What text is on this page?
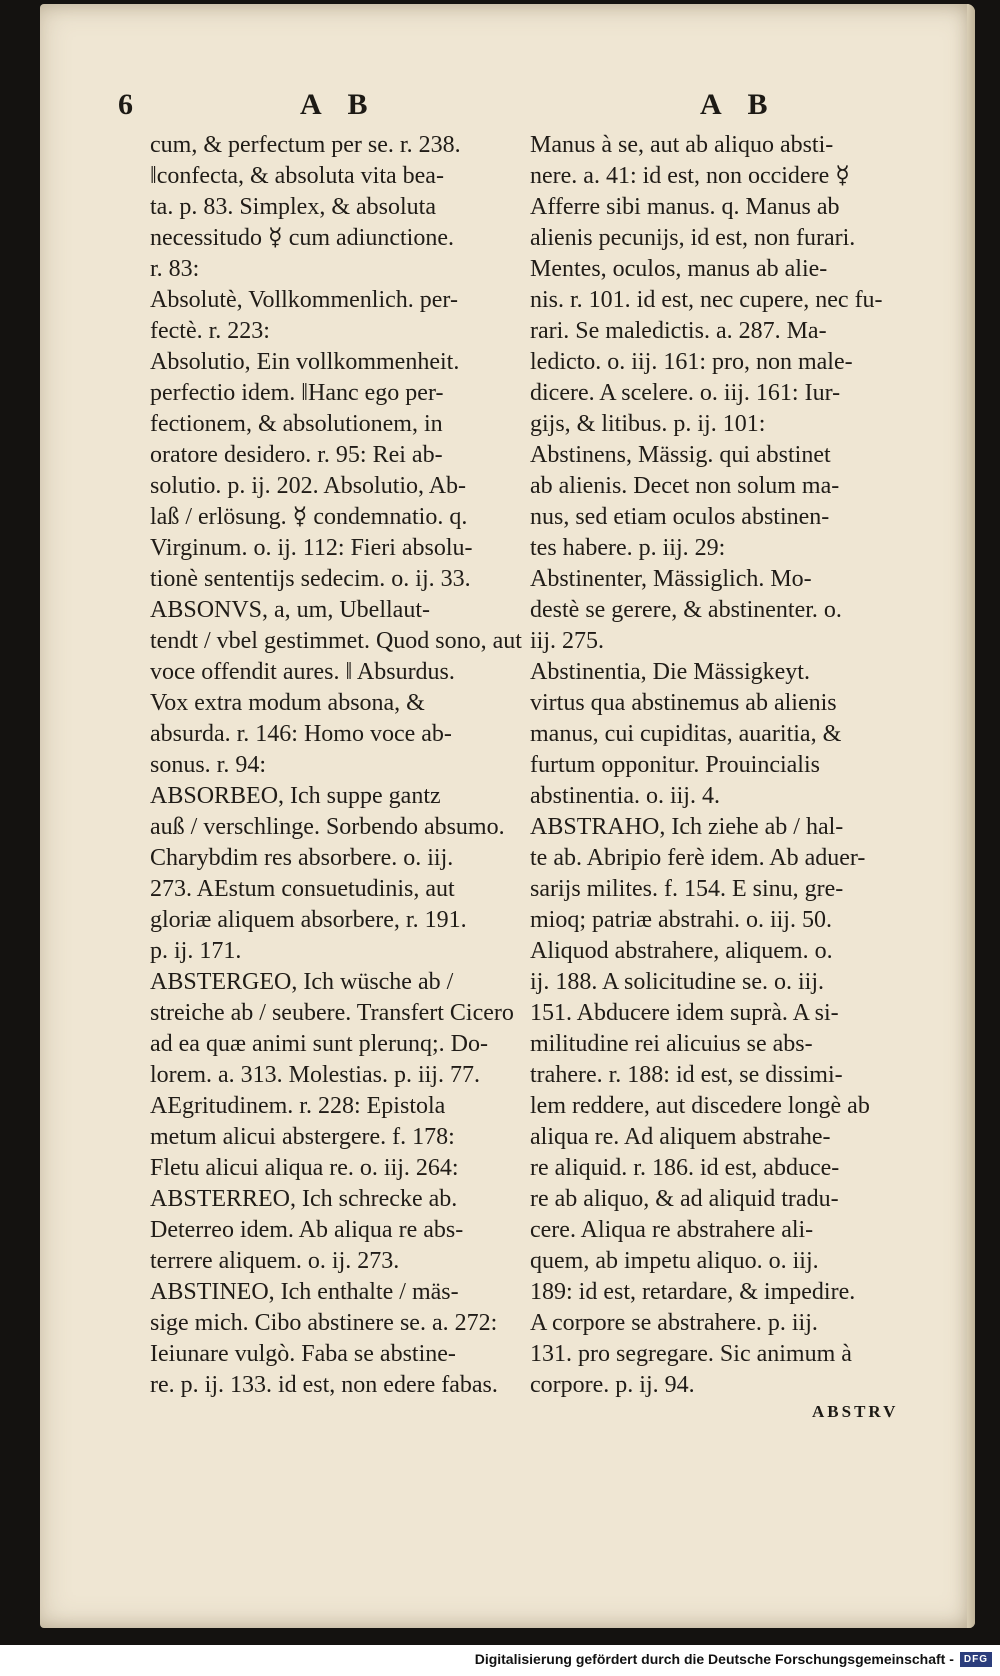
6	A B	A B
cum, & perfectum per se. r. 238.
‖confecta, & absoluta vita bea-
ta. p. 83. Simplex, & absoluta
necessitudo ☿ cum adiunctione.
r. 83:
Absolutè, Vollkommenlich. per-
fectè. r. 223:
Absolutio, Ein vollkommenheit.
perfectio idem. ‖Hanc ego per-
fectionem, & absolutionem, in
oratore desidero. r. 95: Rei ab-
solutio. p. ij. 202. Absolutio, Ab-
laß / erlösung. ☿ condemnatio. q.
Virginum. o. ij. 112: Fieri absolu-
tionè sententijs sedecim. o. ij. 33.
ABSONVS, a, um, Ubellaut-
tendt / vbel gestimmet. Quod sono, aut
voce offendit aures. ‖ Absurdus.
Vox extra modum absona, &
absurda. r. 146: Homo voce ab-
sonus. r. 94:
ABSORBEO, Ich suppe gantz
auß / verschlinge. Sorbendo absumo.
Charybdim res absorbere. o. iij.
273. AEstum consuetudinis, aut
gloriæ aliquem absorbere, r. 191.
p. ij. 171.
ABSTERGEO, Ich wüsche ab /
streiche ab / seubere. Transfert Cicero
ad ea quæ animi sunt plerunq;. Do-
lorem. a. 313. Molestias. p. iij. 77.
AEgritudinem. r. 228: Epistola
metum alicui abstergere. f. 178:
Fletu alicui aliqua re. o. iij. 264:
ABSTERREO, Ich schrecke ab.
Deterreo idem. Ab aliqua re abs-
terrere aliquem. o. ij. 273.
ABSTINEO, Ich enthalte / mäs-
sige mich. Cibo abstinere se. a. 272:
Ieiunare vulgò. Faba se abstine-
re. p. ij. 133. id est, non edere fabas.
Manus à se, aut ab aliquo absti-
nere. a. 41: id est, non occidere ☿
Afferre sibi manus. q. Manus ab
alienis pecunijs, id est, non furari.
Mentes, oculos, manus ab alie-
nis. r. 101. id est, nec cupere, nec fu-
rari. Se maledictis. a. 287. Ma-
ledicto. o. iij. 161: pro, non male-
dicere. A scelere. o. iij. 161: Iur-
gijs, & litibus. p. ij. 101:
Abstinens, Mässig. qui abstinet
ab alienis. Decet non solum ma-
nus, sed etiam oculos abstinen-
tes habere. p. iij. 29:
Abstinenter, Mässiglich. Mo-
destè se gerere, & abstinenter. o.
iij. 275.
Abstinentia, Die Mässigkeyt.
virtus qua abstinemus ab alienis
manus, cui cupiditas, auaritia, &
furtum opponitur. Prouincialis
abstinentia. o. iij. 4.
ABSTRAHO, Ich ziehe ab / hal-
te ab. Abripio ferè idem. Ab aduer-
sarijs milites. f. 154. E sinu, gre-
mioq; patriæ abstrahi. o. iij. 50.
Aliquod abstrahere, aliquem. o.
ij. 188. A solicitudine se. o. iij.
151. Abducere idem suprà. A si-
militudine rei alicuius se abs-
trahere. r. 188: id est, se dissimi-
lem reddere, aut discedere longè ab
aliqua re. Ad aliquem abstrahe-
re aliquid. r. 186. id est, abduce-
re ab aliquo, & ad aliquid tradu-
cere. Aliqua re abstrahere ali-
quem, ab impetu aliquo. o. iij.
189: id est, retardare, & impedire.
A corpore se abstrahere. p. iij.
131. pro segregare. Sic animum à
corpore. p. ij. 94.
ABSTRV
Digitalisierung gefördert durch die Deutsche Forschungsgemeinschaft -	DFG
